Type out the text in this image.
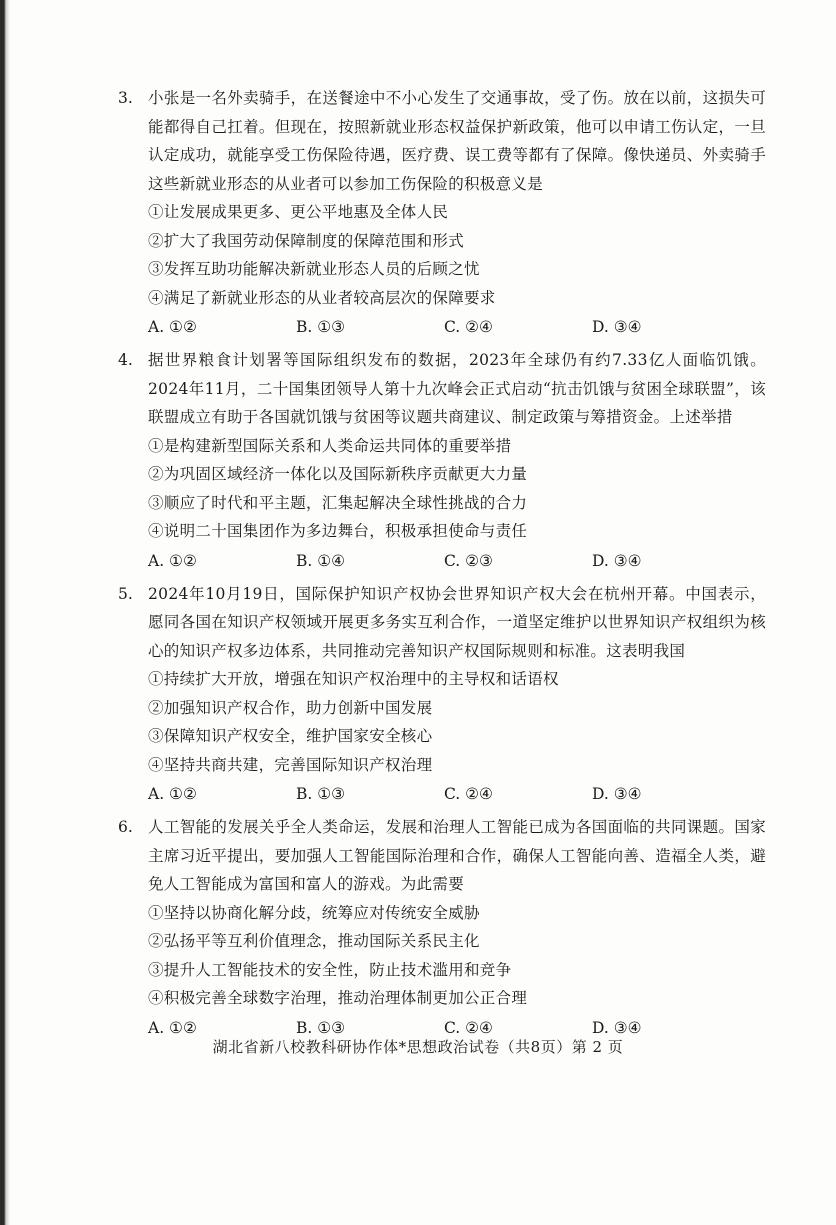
3. 小张是一名外卖骑手，在送餐途中不小心发生了交通事故，受了伤。放在以前，这损失可能都得自己扛着。但现在，按照新就业形态权益保护新政策，他可以申请工伤认定，一旦认定成功，就能享受工伤保险待遇，医疗费、误工费等都有了保障。像快递员、外卖骑手这些新就业形态的从业者可以参加工伤保险的积极意义是
①让发展成果更多、更公平地惠及全体人民
②扩大了我国劳动保障制度的保障范围和形式
③发挥互助功能解决新就业形态人员的后顾之忧
④满足了新就业形态的从业者较高层次的保障要求
A. ①②	B. ①③	C. ②④	D. ③④
4. 据世界粮食计划署等国际组织发布的数据，2023年全球仍有约7.33亿人面临饥饿。2024年11月，二十国集团领导人第十九次峰会正式启动“抗击饥饿与贫困全球联盟”，该联盟成立有助于各国就饥饿与贫困等议题共商建议、制定政策与筹措资金。上述举措
①是构建新型国际关系和人类命运共同体的重要举措
②为巩固区域经济一体化以及国际新秩序贡献更大力量
③顺应了时代和平主题，汇集起解决全球性挑战的合力
④说明二十国集团作为多边舞台，积极承担使命与责任
A. ①②	B. ①④	C. ②③	D. ③④
5. 2024年10月19日，国际保护知识产权协会世界知识产权大会在杭州开幕。中国表示，愿同各国在知识产权领域开展更多务实互利合作，一道坚定维护以世界知识产权组织为核心的知识产权多边体系，共同推动完善知识产权国际规则和标准。这表明我国
①持续扩大开放，增强在知识产权治理中的主导权和话语权
②加强知识产权合作，助力创新中国发展
③保障知识产权安全，维护国家安全核心
④坚持共商共建，完善国际知识产权治理
A. ①②	B. ①③	C. ②④	D. ③④
6. 人工智能的发展关乎全人类命运，发展和治理人工智能已成为各国面临的共同课题。国家主席习近平提出，要加强人工智能国际治理和合作，确保人工智能向善、造福全人类，避免人工智能成为富国和富人的游戏。为此需要
①坚持以协商化解分歧，统筹应对传统安全威胁
②弘扬平等互利价值理念，推动国际关系民主化
③提升人工智能技术的安全性，防止技术滥用和竞争
④积极完善全球数字治理，推动治理体制更加公正合理
A. ①②	B. ①③	C. ②④	D. ③④
湖北省新八校教科研协作体*思想政治试卷（共8页）第 2 页
